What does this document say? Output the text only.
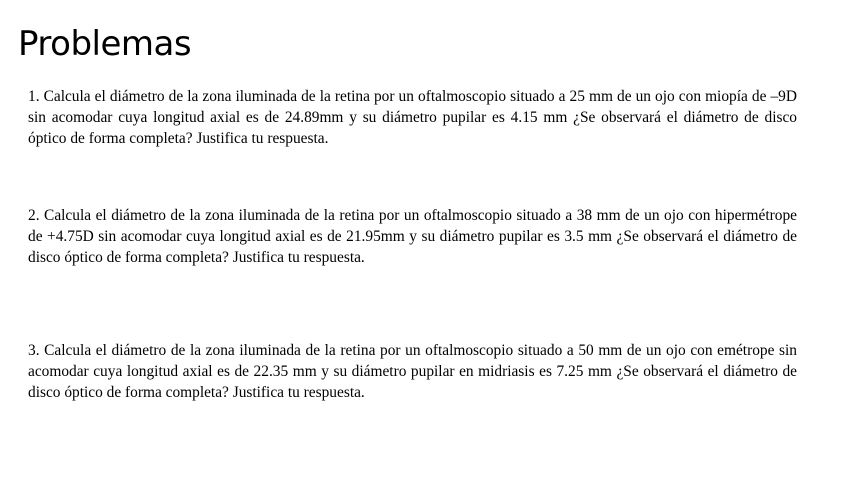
Problemas

1. Calcula el diámetro de la zona iluminada de la retina por un oftalmoscopio situado a 25 mm de un ojo con miopía de –9D sin acomodar cuya longitud axial es de 24.89mm y su diámetro pupilar es 4.15 mm ¿Se observará el diámetro de disco óptico de forma completa? Justifica tu respuesta.

2. Calcula el diámetro de la zona iluminada de la retina por un oftalmoscopio situado a 38 mm de un ojo con hipermétrope de +4.75D sin acomodar cuya longitud axial es de 21.95mm y su diámetro pupilar es 3.5 mm ¿Se observará el diámetro de disco óptico de forma completa? Justifica tu respuesta.

3. Calcula el diámetro de la zona iluminada de la retina por un oftalmoscopio situado a 50 mm de un ojo con emétrope sin acomodar cuya longitud axial es de 22.35 mm y su diámetro pupilar en midriasis es 7.25 mm ¿Se observará el diámetro de disco óptico de forma completa? Justifica tu respuesta.
